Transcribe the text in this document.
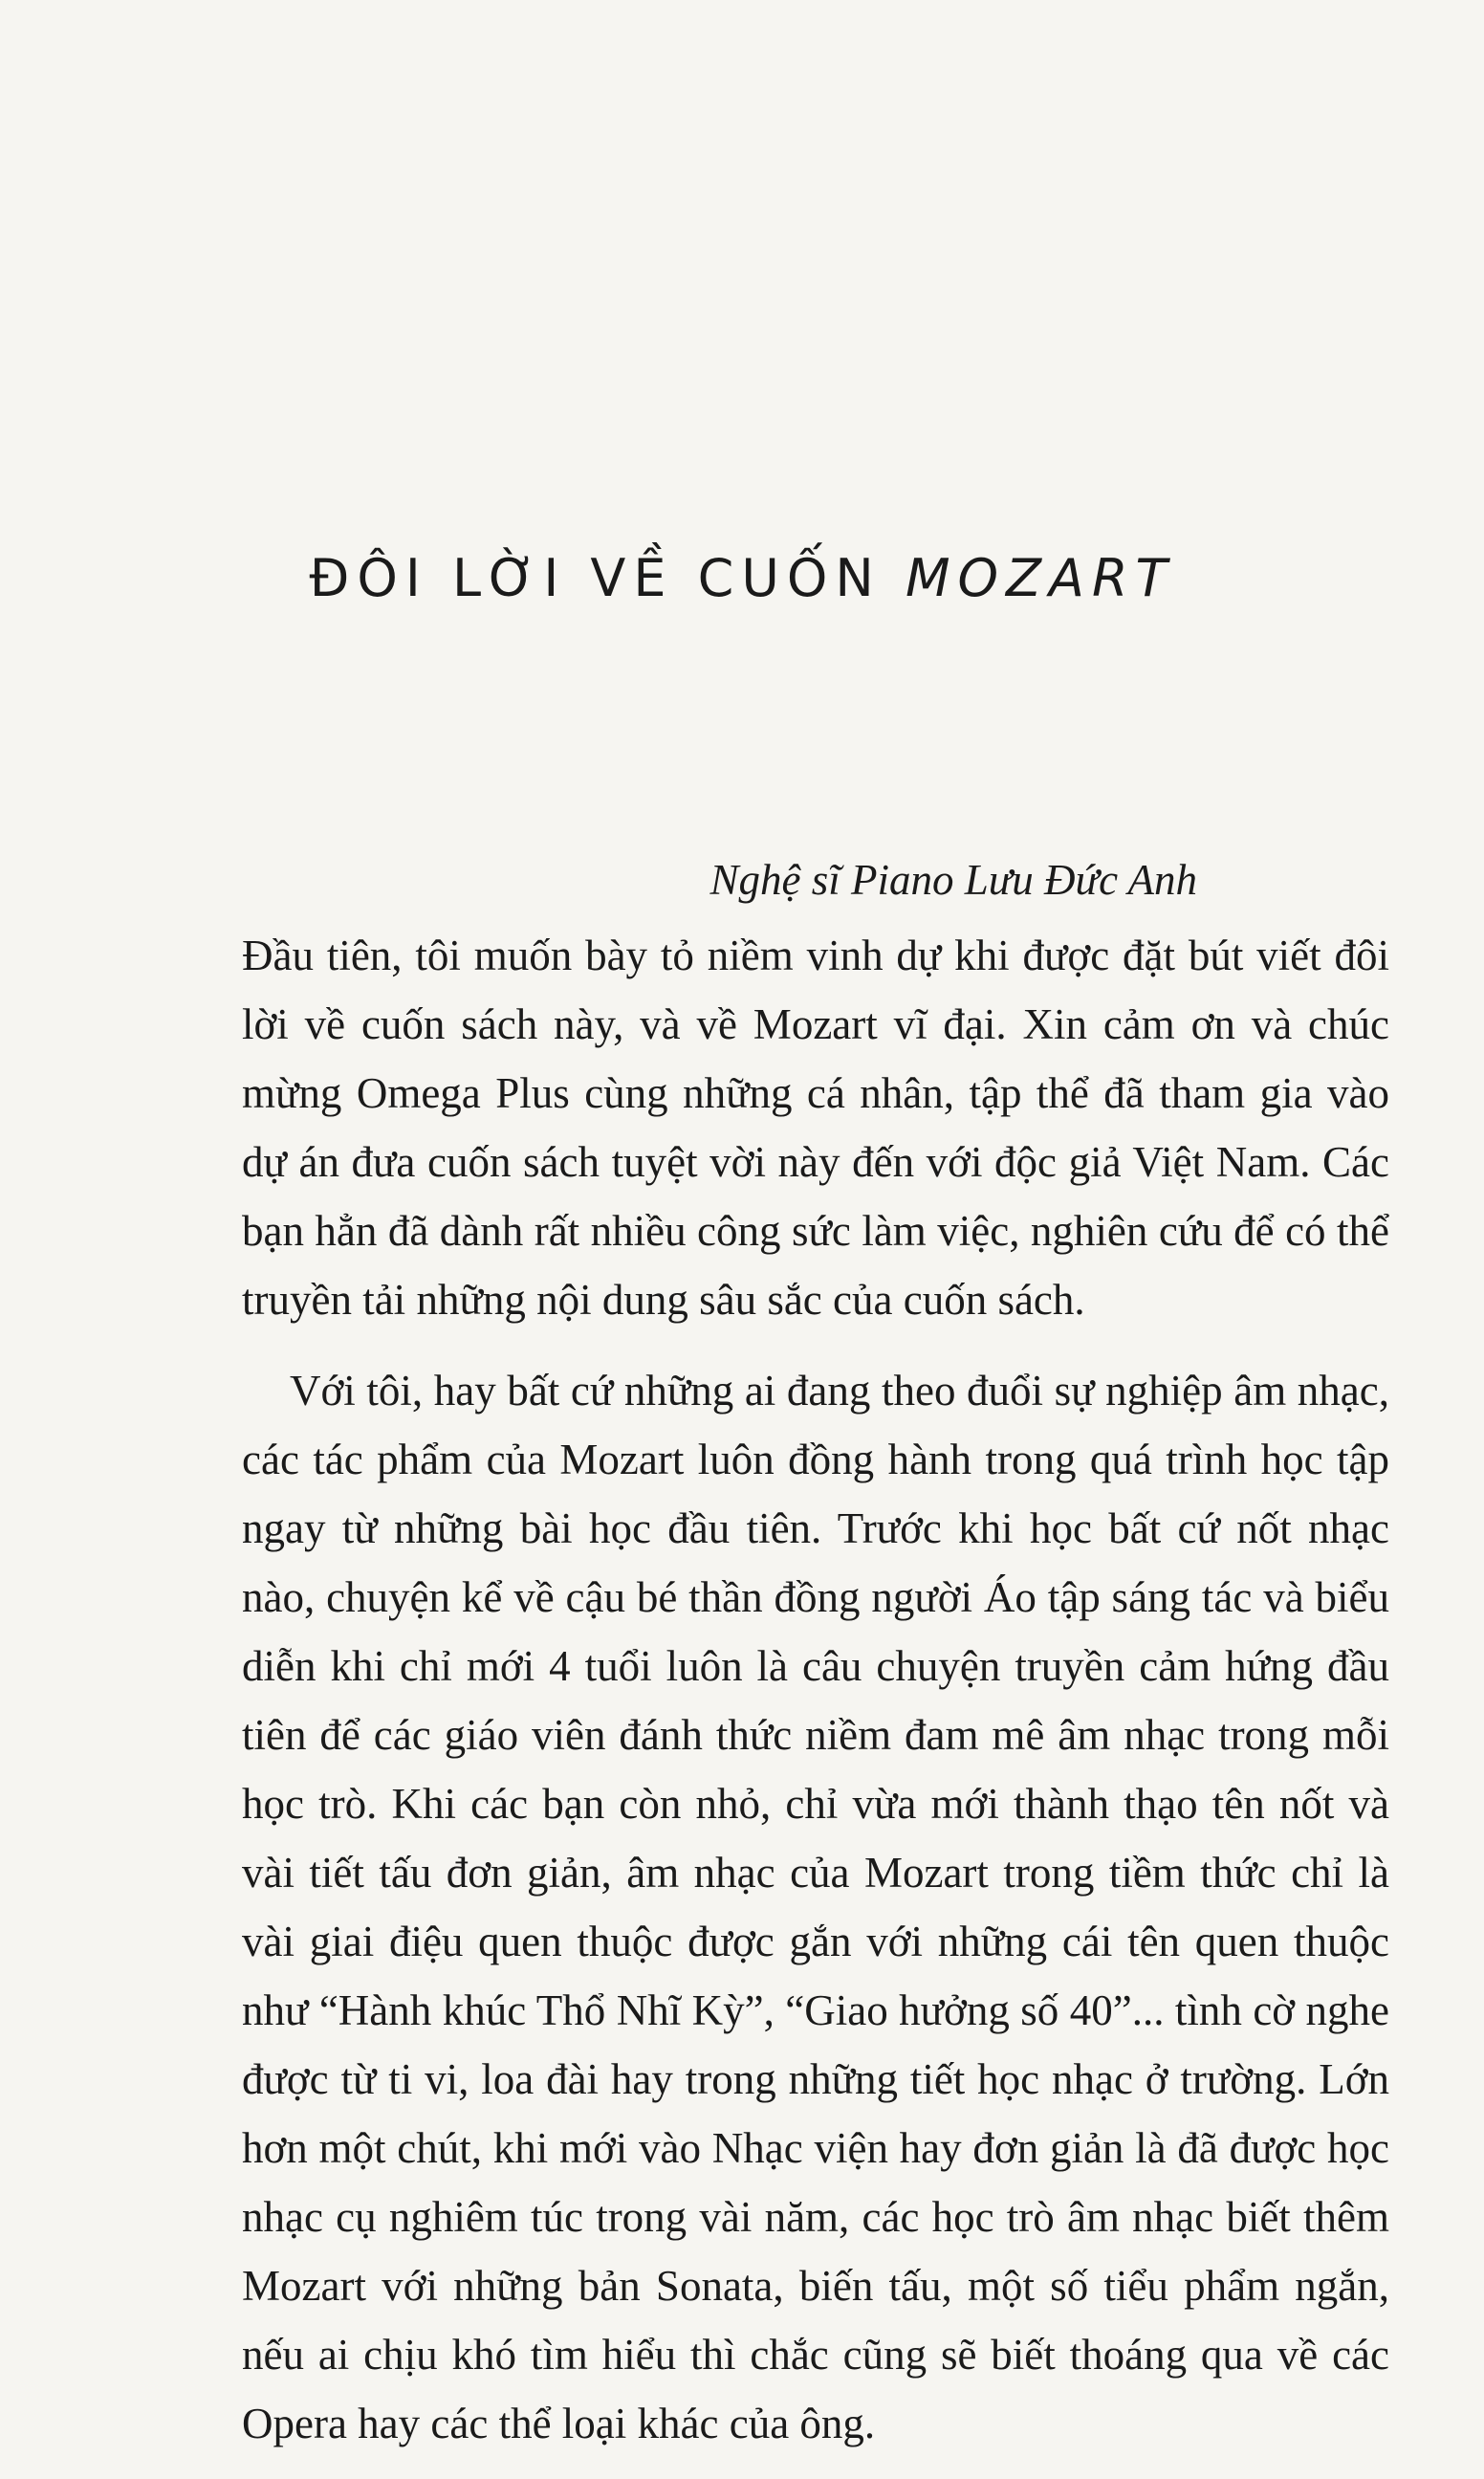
ĐÔI LỜI VỀ CUỐN MOZART
Nghệ sĩ Piano Lưu Đức Anh

Đầu tiên, tôi muốn bày tỏ niềm vinh dự khi được đặt bút viết đôi lời về cuốn sách này, và về Mozart vĩ đại. Xin cảm ơn và chúc mừng Omega Plus cùng những cá nhân, tập thể đã tham gia vào dự án đưa cuốn sách tuyệt vời này đến với độc giả Việt Nam. Các bạn hẳn đã dành rất nhiều công sức làm việc, nghiên cứu để có thể truyền tải những nội dung sâu sắc của cuốn sách.

Với tôi, hay bất cứ những ai đang theo đuổi sự nghiệp âm nhạc, các tác phẩm của Mozart luôn đồng hành trong quá trình học tập ngay từ những bài học đầu tiên. Trước khi học bất cứ nốt nhạc nào, chuyện kể về cậu bé thần đồng người Áo tập sáng tác và biểu diễn khi chỉ mới 4 tuổi luôn là câu chuyện truyền cảm hứng đầu tiên để các giáo viên đánh thức niềm đam mê âm nhạc trong mỗi học trò. Khi các bạn còn nhỏ, chỉ vừa mới thành thạo tên nốt và vài tiết tấu đơn giản, âm nhạc của Mozart trong tiềm thức chỉ là vài giai điệu quen thuộc được gắn với những cái tên quen thuộc như “Hành khúc Thổ Nhĩ Kỳ”, “Giao hưởng số 40”... tình cờ nghe được từ ti vi, loa đài hay trong những tiết học nhạc ở trường. Lớn hơn một chút, khi mới vào Nhạc viện hay đơn giản là đã được học nhạc cụ nghiêm túc trong vài năm, các học trò âm nhạc biết thêm Mozart với những bản Sonata, biến tấu, một số tiểu phẩm ngắn, nếu ai chịu khó tìm hiểu thì chắc cũng sẽ biết thoáng qua về các Opera hay các thể loại khác của ông.
